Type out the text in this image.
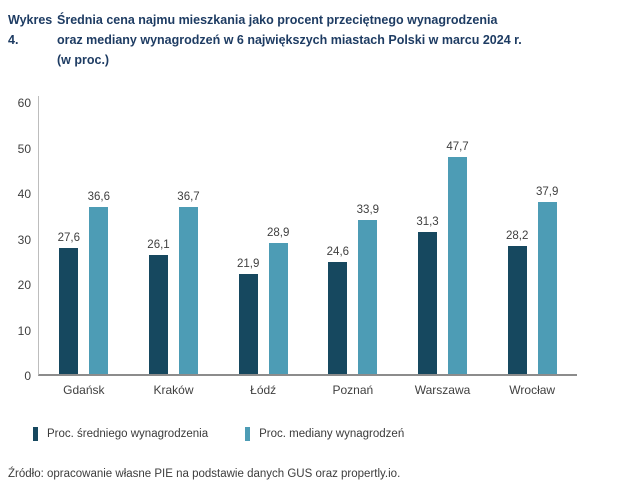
Wykres 4.
Średnia cena najmu mieszkania jako procent przeciętnego wynagrodzenia
oraz mediany wynagrodzeń w 6 największych miastach Polski w marcu 2024 r.
(w proc.)
0
10
20
30
40
50
60
27,6
36,6
26,1
36,7
21,9
28,9
24,6
33,9
31,3
47,7
28,2
37,9
Gdańsk	Kraków	Łódź	Poznań	Warszawa	Wrocław
Proc. średniego wynagrodzenia	Proc. mediany wynagrodzeń
Źródło: opracowanie własne PIE na podstawie danych GUS oraz propertly.io.
